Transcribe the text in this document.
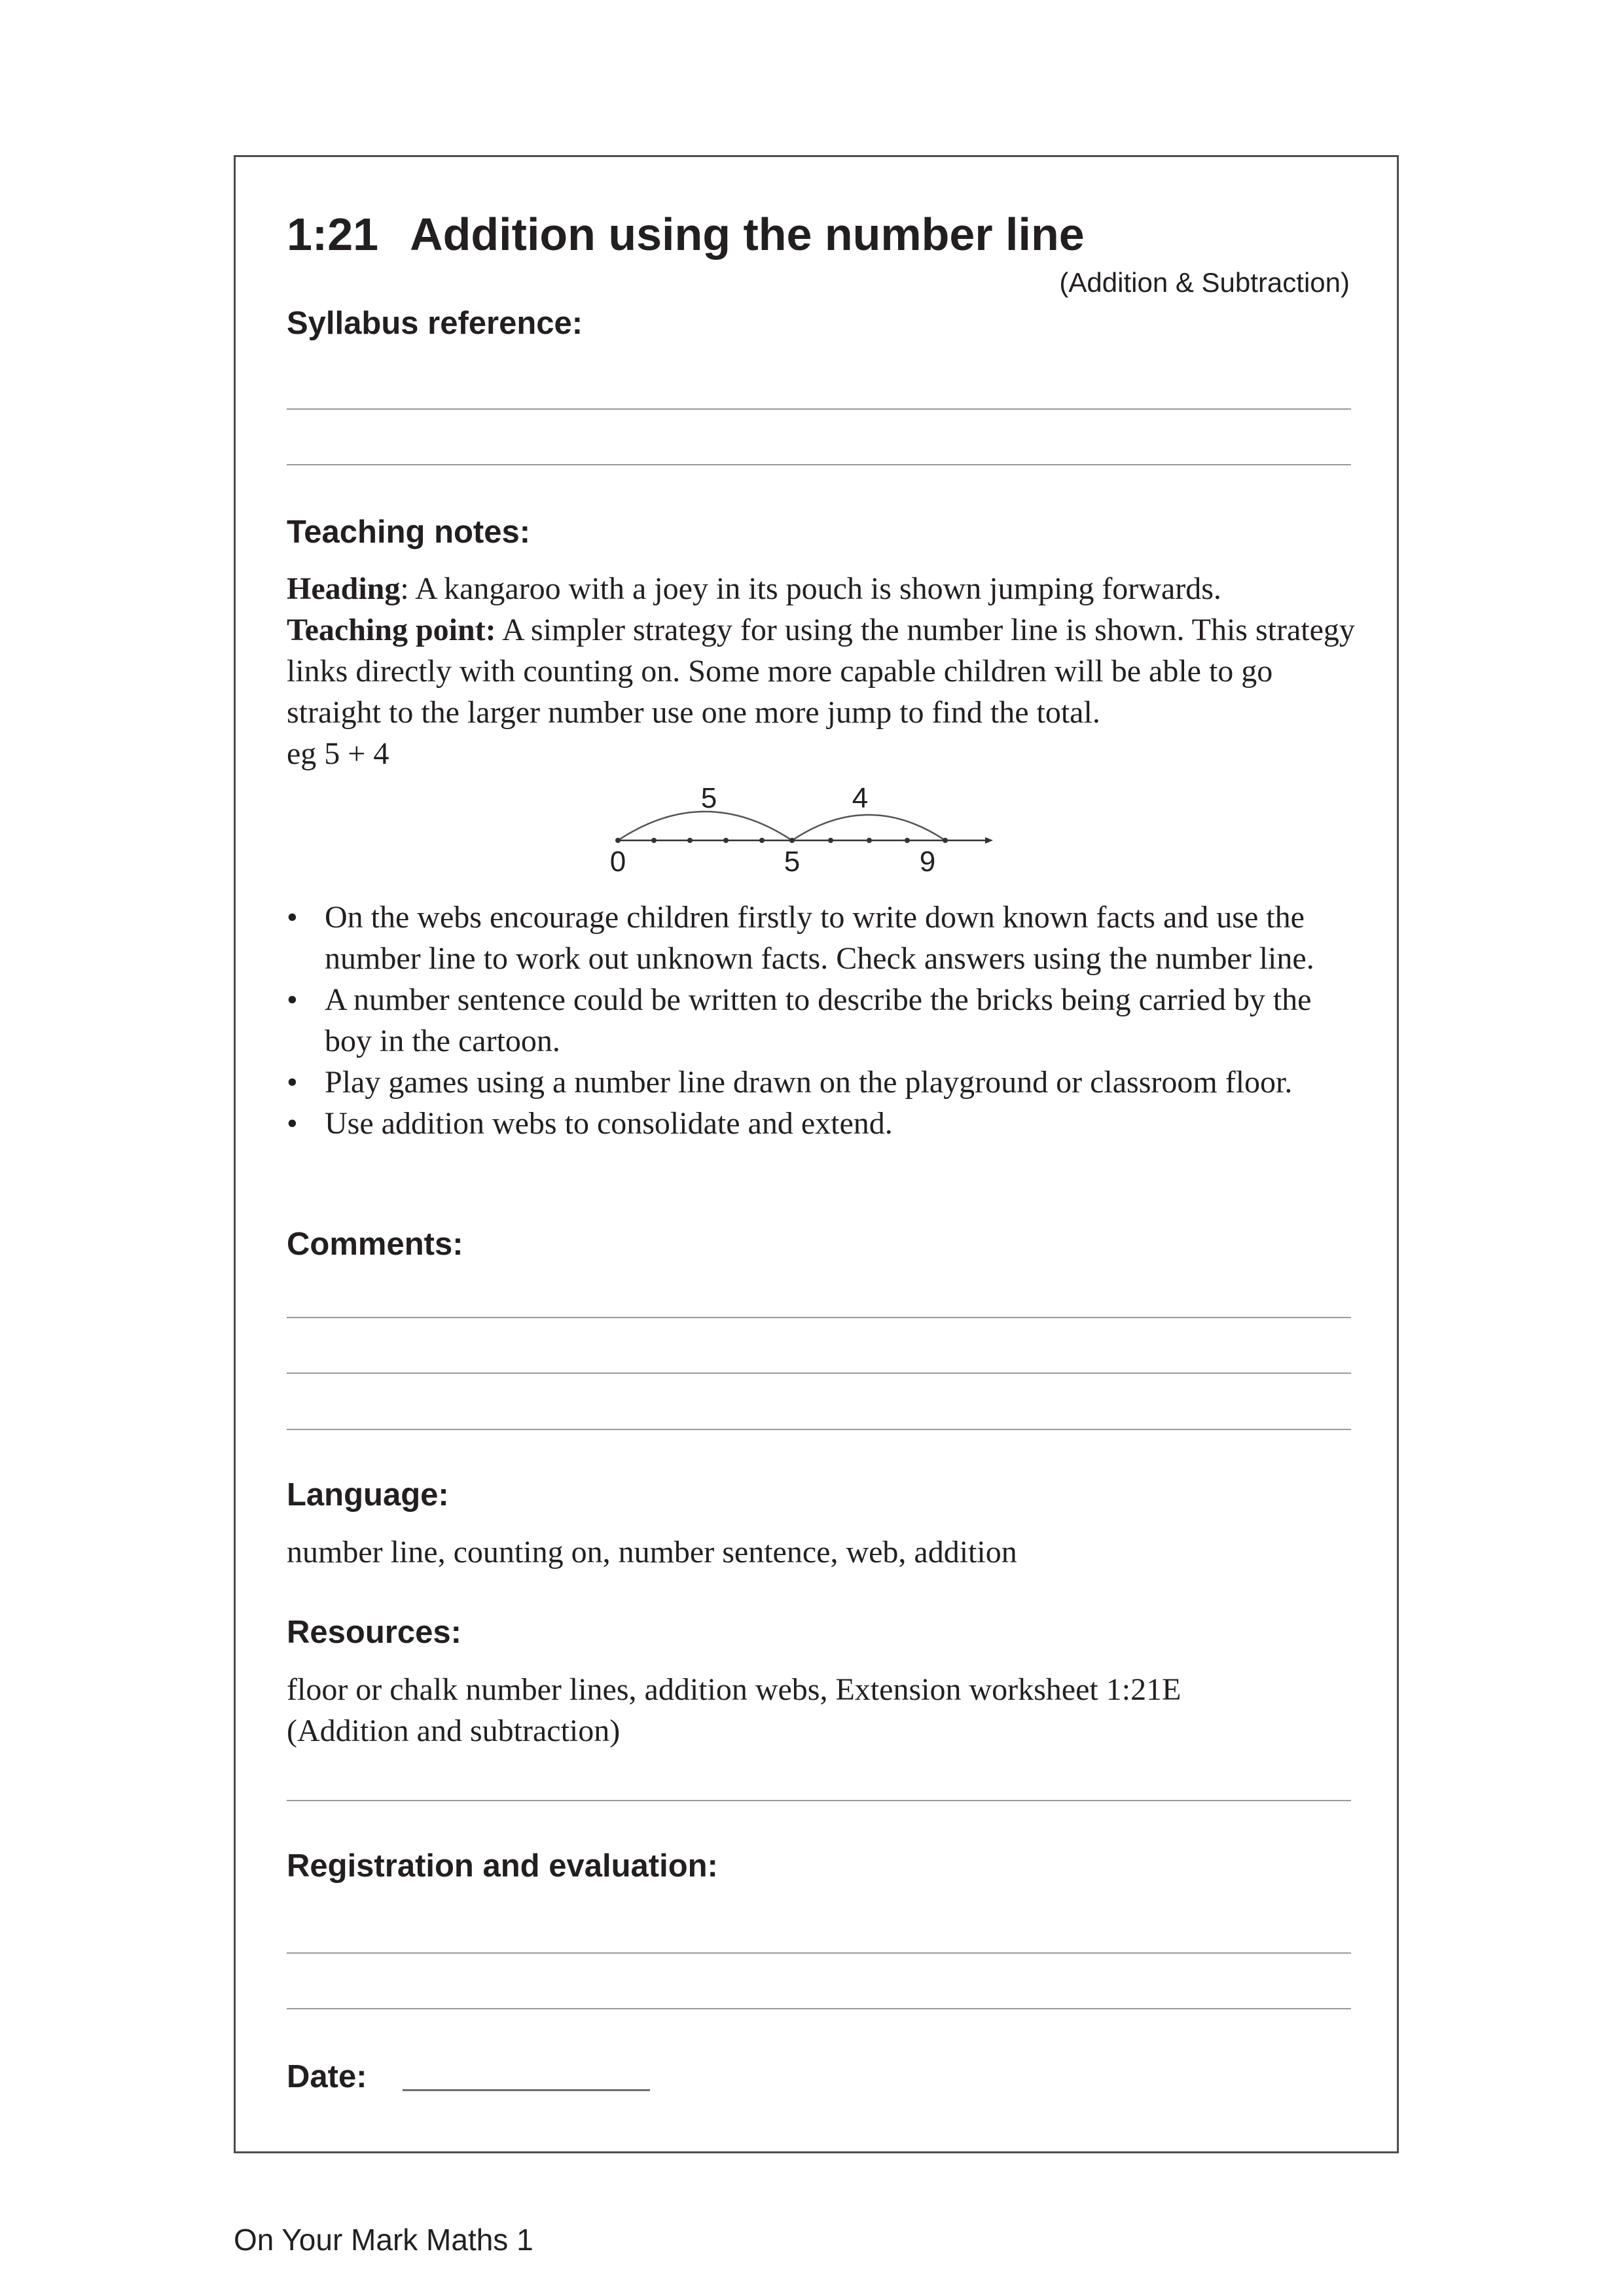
1:21 Addition using the number line
(Addition & Subtraction)
Syllabus reference:
Teaching notes:

Heading: A kangaroo with a joey in its pouch is shown jumping forwards.

Teaching point: A simpler strategy for using the number line is shown. This strategy links directly with counting on. Some more capable children will be able to go straight to the larger number use one more jump to find the total.

eg 5 + 4

5	4
0	5	9
• On the webs encourage children firstly to write down known facts and use the number line to work out unknown facts. Check answers using the number line.
• A number sentence could be written to describe the bricks being carried by the boy in the cartoon.
• Play games using a number line drawn on the playground or classroom floor.
• Use addition webs to consolidate and extend.
Comments:
Language:
number line, counting on, number sentence, web, addition
Resources:

floor or chalk number lines, addition webs, Extension worksheet 1:21E

(Addition and subtraction)

Registration and evaluation:
Date:
On Your Mark Maths 1
